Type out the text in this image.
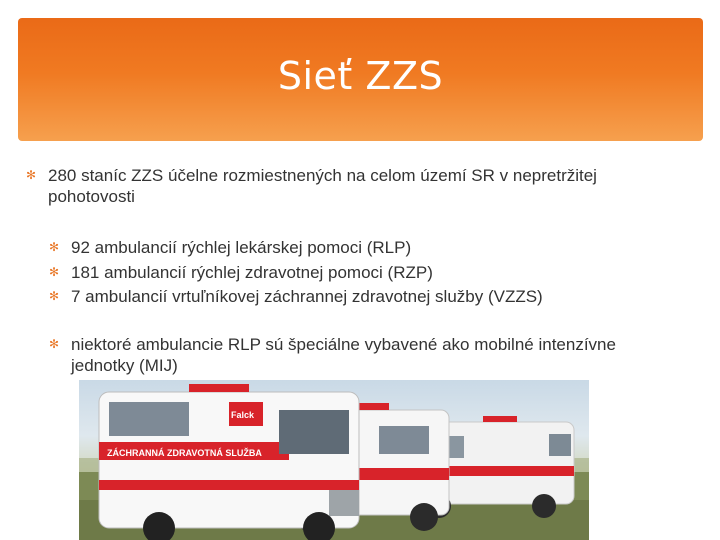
Sieť ZZS
✻ 280 staníc ZZS účelne rozmiestnených na celom území SR v nepretržitej pohotovosti
✻ 92 ambulancií rýchlej lekárskej pomoci (RLP)
✻ 181 ambulancií rýchlej zdravotnej pomoci (RZP)
✻ 7 ambulancií vrtuľníkovej záchrannej zdravotnej služby (VZZS)
✻ niektoré ambulancie RLP sú špeciálne vybavené ako mobilné intenzívne jednotky (MIJ)
ZÁCHRANNÁ ZDRAVOTNÁ SLUŽBA
Falck
